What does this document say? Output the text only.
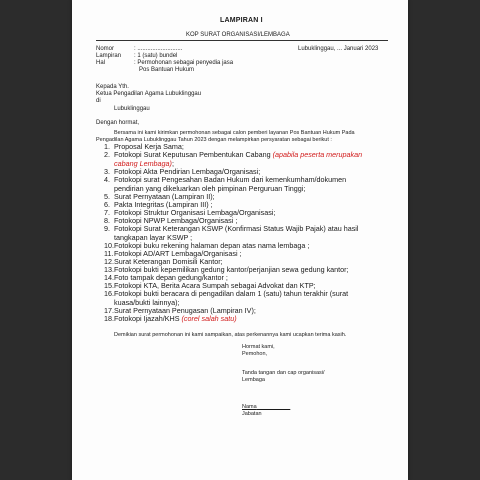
LAMPIRAN I
KOP SURAT ORGANISASI/LEMBAGA
Nomor	: ...........................	Lubuklinggau, ... Januari 2023
Lampiran : 1 (satu) bundel
Hal	: Permohonan sebagai penyedia jasa
Pos Bantuan Hukum
Kepada Yth.
Ketua Pengadilan Agama Lubuklinggau
di
Lubuklinggau
Dengan hormat,
Bersama ini kami kirimkan permohonan sebagai calon pemberi layanan Pos Bantuan Hukum Pada
Pengadilan Agama Lubuklinggau Tahun 2023 dengan melampirkan persyaratan sebagai berikut :
1. Proposal Kerja Sama;
2. Fotokopi Surat Keputusan Pembentukan Cabang (apabila peserta merupakan cabang Lembaga);
3. Fotokopi Akta Pendirian Lembaga/Organisasi;
4. Fotokopi surat Pengesahan Badan Hukum dari kemenkumham/dokumen pendirian yang dikeluarkan oleh pimpinan Perguruan Tinggi;
5. Surat Pernyataan (Lampiran II);
6. Pakta Integritas (Lampiran III) ;
7. Fotokopi Struktur Organisasi Lembaga/Organisasi;
8. Fotokopi NPWP Lembaga/Organisasi ;
9. Fotokopi Surat Keterangan KSWP (Konfirmasi Status Wajib Pajak) atau hasil tangkapan layar KSWP ;
10. Fotokopi buku rekening halaman depan atas nama lembaga ;
11. Fotokopi AD/ART Lembaga/Organisasi ;
12. Surat Keterangan Domisili Kantor;
13. Fotokopi bukti kepemilikan gedung kantor/perjanjian sewa gedung kantor;
14. Foto tampak depan gedung/kantor ;
15. Fotokopi KTA, Berita Acara Sumpah sebagai Advokat dan KTP;
16. Fotokopi bukti beracara di pengadilan dalam 1 (satu) tahun terakhir (surat kuasa/bukti lainnya);
17. Surat Pernyataan Penugasan (Lampiran IV);
18. Fotokopi Ijazah/KHS (corel salah satu)
Demikian surat permohonan ini kami sampaikan, atas perkenannya kami ucapkan terima kasih.
Hormat kami,
Pemohon,
Tanda tangan dan cap organisasi/
Lembaga
Nama
Jabatan
